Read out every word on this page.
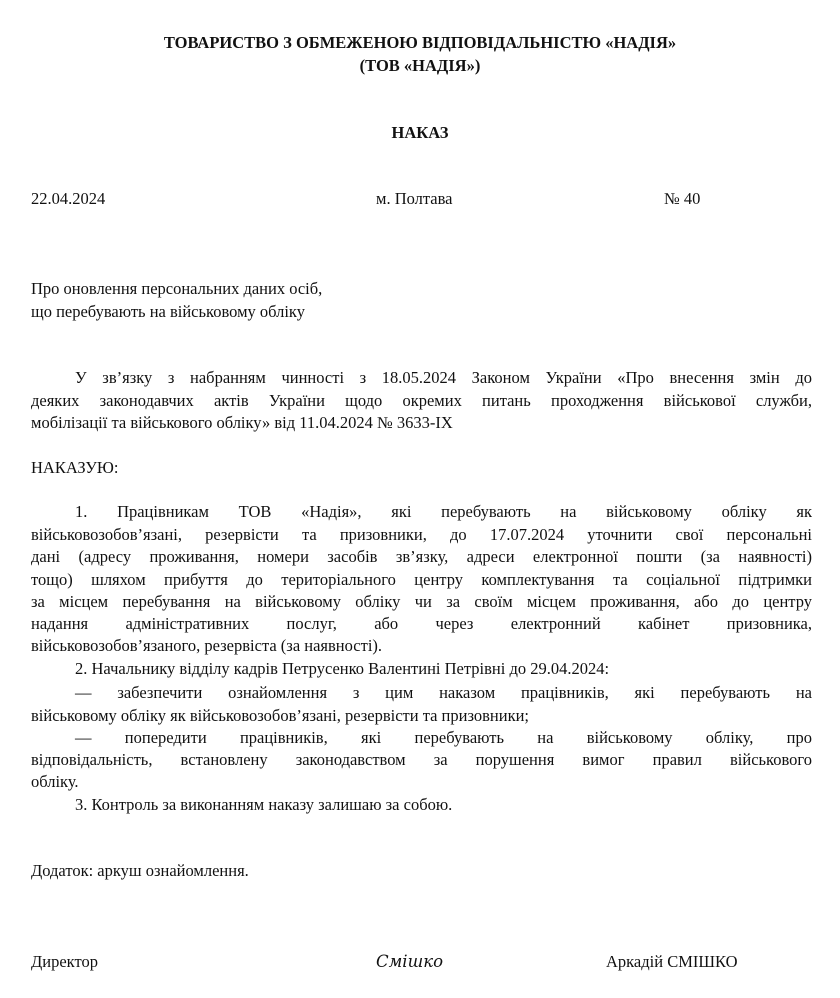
ТОВАРИСТВО З ОБМЕЖЕНОЮ ВІДПОВІДАЛЬНІСТЮ «НАДІЯ»
(ТОВ «НАДІЯ»)
НАКАЗ
22.04.2024	м. Полтава	№ 40
Про оновлення персональних даних осіб,
що перебувають на військовому обліку
У зв’язку з набранням чинності з 18.05.2024 Законом України «Про внесення змін до
деяких законодавчих актів України щодо окремих питань проходження військової служби,
мобілізації та військового обліку» від 11.04.2024 № 3633-IX
НАКАЗУЮ:
1. Працівникам ТОВ «Надія», які перебувають на військовому обліку як
військовозобов’язані, резервісти та призовники, до 17.07.2024 уточнити свої персональні
дані (адресу проживання, номери засобів зв’язку, адреси електронної пошти (за наявності)
тощо) шляхом прибуття до територіального центру комплектування та соціальної підтримки
за місцем перебування на військовому обліку чи за своїм місцем проживання, або до центру
надання адміністративних послуг, або через електронний кабінет призовника,
військовозобов’язаного, резервіста (за наявності).
2. Начальнику відділу кадрів Петрусенко Валентині Петрівні до 29.04.2024:
— забезпечити ознайомлення з цим наказом працівників, які перебувають на
військовому обліку як військовозобов’язані, резервісти та призовники;
— попередити працівників, які перебувають на військовому обліку, про
відповідальність, встановлену законодавством за порушення вимог правил військового
обліку.
3. Контроль за виконанням наказу залишаю за собою.
Додаток: аркуш ознайомлення.
Директор	Смішко	Аркадій СМІШКО
